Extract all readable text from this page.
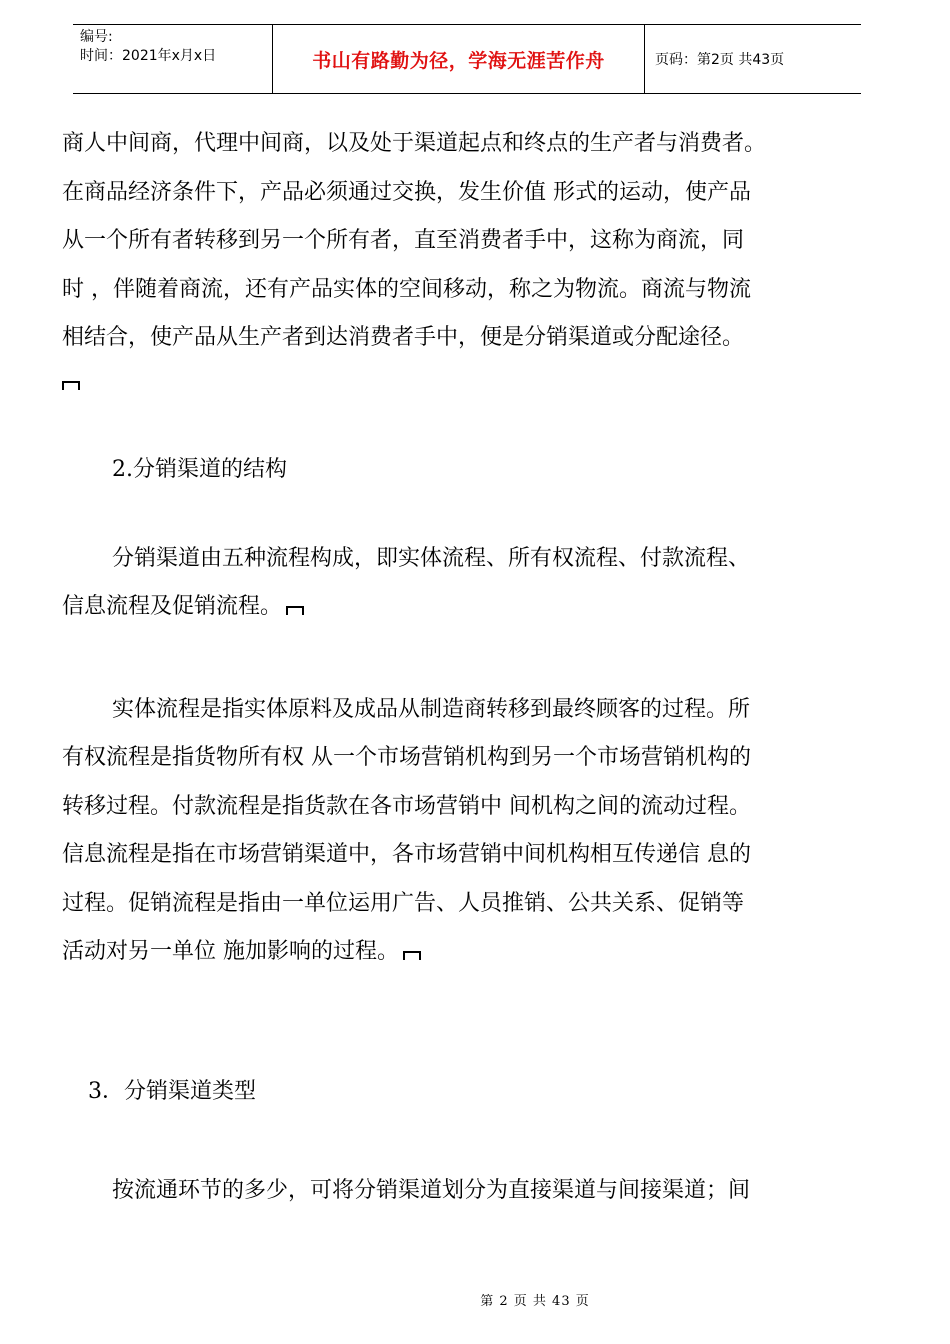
编号:
时间：2021年x月x日	书山有路勤为径，学海无涯苦作舟	页码：第2页 共43页
商人中间商，代理中间商，以及处于渠道起点和终点的生产者与消费者。
在商品经济条件下，产品必须通过交换，发生价值 形式的运动，使产品
从一个所有者转移到另一个所有者，直至消费者手中，这称为商流，同
时 ，伴随着商流，还有产品实体的空间移动，称之为物流。商流与物流
相结合，使产品从生产者到达消费者手中，便是分销渠道或分配途径。

2.分销渠道的结构

分销渠道由五种流程构成，即实体流程、所有权流程、付款流程、
信息流程及促销流程。
实体流程是指实体原料及成品从制造商转移到最终顾客的过程。所
有权流程是指货物所有权 从一个市场营销机构到另一个市场营销机构的
转移过程。付款流程是指货款在各市场营销中 间机构之间的流动过程。
信息流程是指在市场营销渠道中，各市场营销中间机构相互传递信 息的
过程。促销流程是指由一单位运用广告、人员推销、公共关系、促销等
活动对另一单位 施加影响的过程。

3．分销渠道类型

按流通环节的多少，可将分销渠道划分为直接渠道与间接渠道；间
第 2 页 共 43 页
